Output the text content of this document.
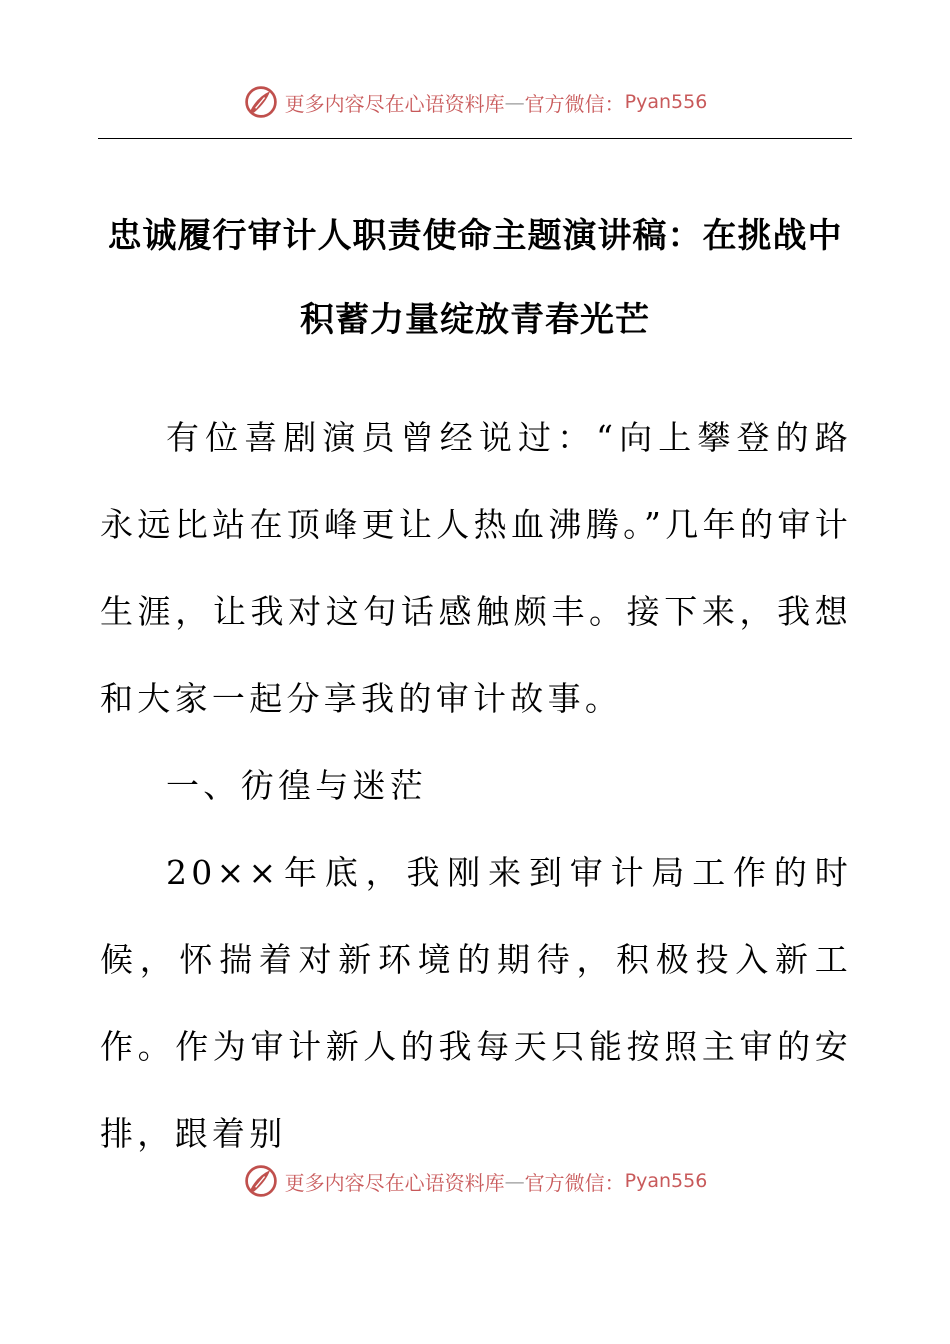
更多内容尽在心语资料库 — 官方微信： Pyan556
忠诚履行审计人职责使命主题演讲稿：在挑战中
积蓄力量绽放青春光芒

有位喜剧演员曾经说过：“向上攀登的路永远比站在顶峰更让人热血沸腾。”几年的审计生涯，让我对这句话感触颇丰。接下来，我想和大家一起分享我的审计故事。

一、彷徨与迷茫

20××年底，我刚来到审计局工作的时候，怀揣着对新环境的期待，积极投入新工作。作为审计新人的我每天只能按照主审的安排，跟着别

更多内容尽在心语资料库 — 官方微信： Pyan556
